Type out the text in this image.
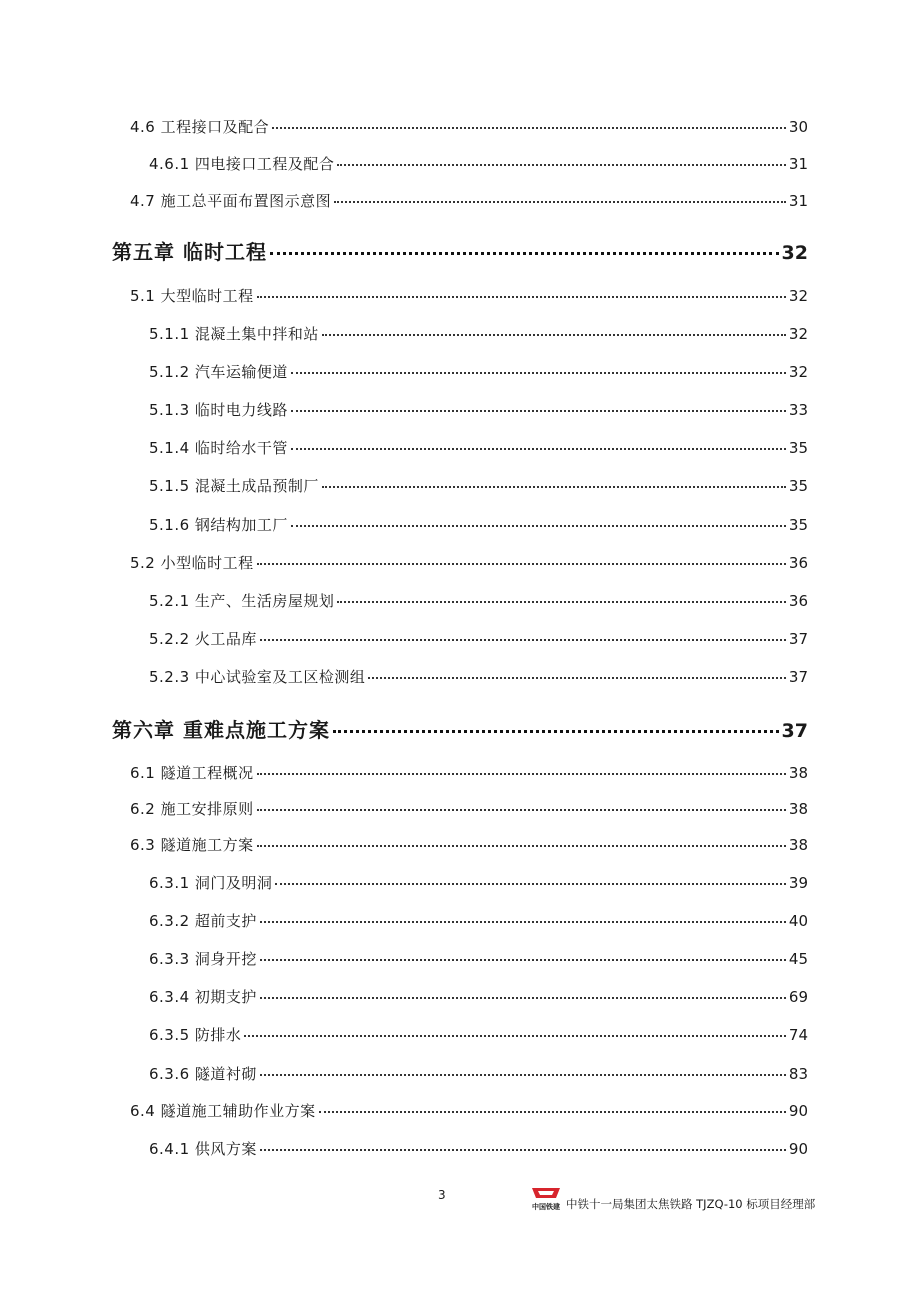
4.6 工程接口及配合	30
4.6.1 四电接口工程及配合	31
4.7 施工总平面布置图示意图	31
第五章 临时工程	32
5.1 大型临时工程	32
5.1.1 混凝土集中拌和站	32
5.1.2 汽车运输便道	32
5.1.3 临时电力线路	33
5.1.4 临时给水干管	35
5.1.5 混凝土成品预制厂	35
5.1.6 钢结构加工厂	35
5.2 小型临时工程	36
5.2.1 生产、生活房屋规划	36
5.2.2 火工品库	37
5.2.3 中心试验室及工区检测组	37
第六章 重难点施工方案	37
6.1 隧道工程概况	38
6.2 施工安排原则	38
6.3 隧道施工方案	38
6.3.1 洞门及明洞	39
6.3.2 超前支护	40
6.3.3 洞身开挖	45
6.3.4 初期支护	69
6.3.5 防排水	74
6.3.6 隧道衬砌	83
6.4 隧道施工辅助作业方案	90
6.4.1 供风方案	90
3
中国铁建 中铁十一局集团太焦铁路 TJZQ-10 标项目经理部
